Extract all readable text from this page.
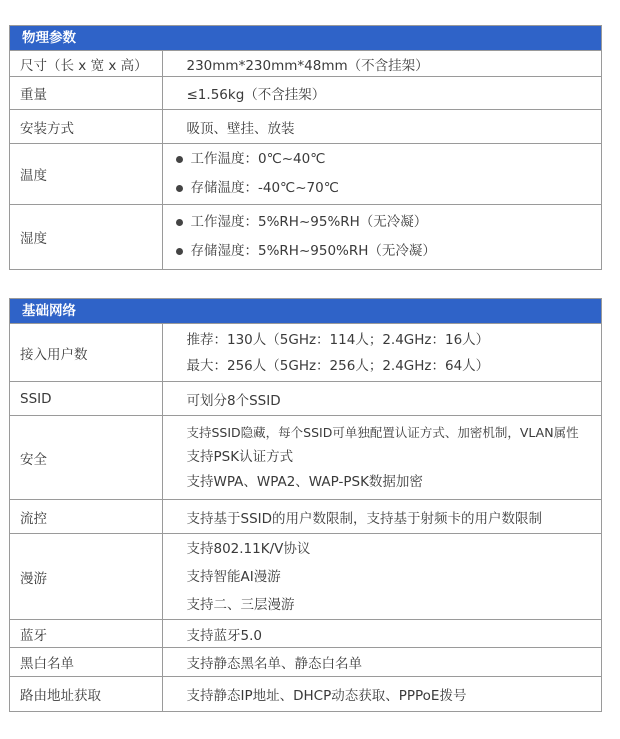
物理参数
尺寸（长 x 宽 x 高）	230mm*230mm*48mm（不含挂架）

重量	≤1.56kg（不含挂架）

安装方式	吸顶、壁挂、放装

温度	工作温度：0℃~40℃
存储温度：-40℃~70℃

湿度	工作湿度：5%RH~95%RH（无冷凝）
存储湿度：5%RH~950%RH（无冷凝）
基础网络
接入用户数	推荐：130人（5GHz：114人；2.4GHz：16人）
最大：256人（5GHz：256人；2.4GHz：64人）

SSID	可划分8个SSID

安全	支持SSID隐藏，每个SSID可单独配置认证方式、加密机制，VLAN属性
支持PSK认证方式
支持WPA、WPA2、WAP-PSK数据加密

流控	支持基于SSID的用户数限制，支持基于射频卡的用户数限制

漫游	支持802.11K/V协议
支持智能AI漫游
支持二、三层漫游

蓝牙	支持蓝牙5.0

黑白名单	支持静态黑名单、静态白名单

路由地址获取	支持静态IP地址、DHCP动态获取、PPPoE拨号
